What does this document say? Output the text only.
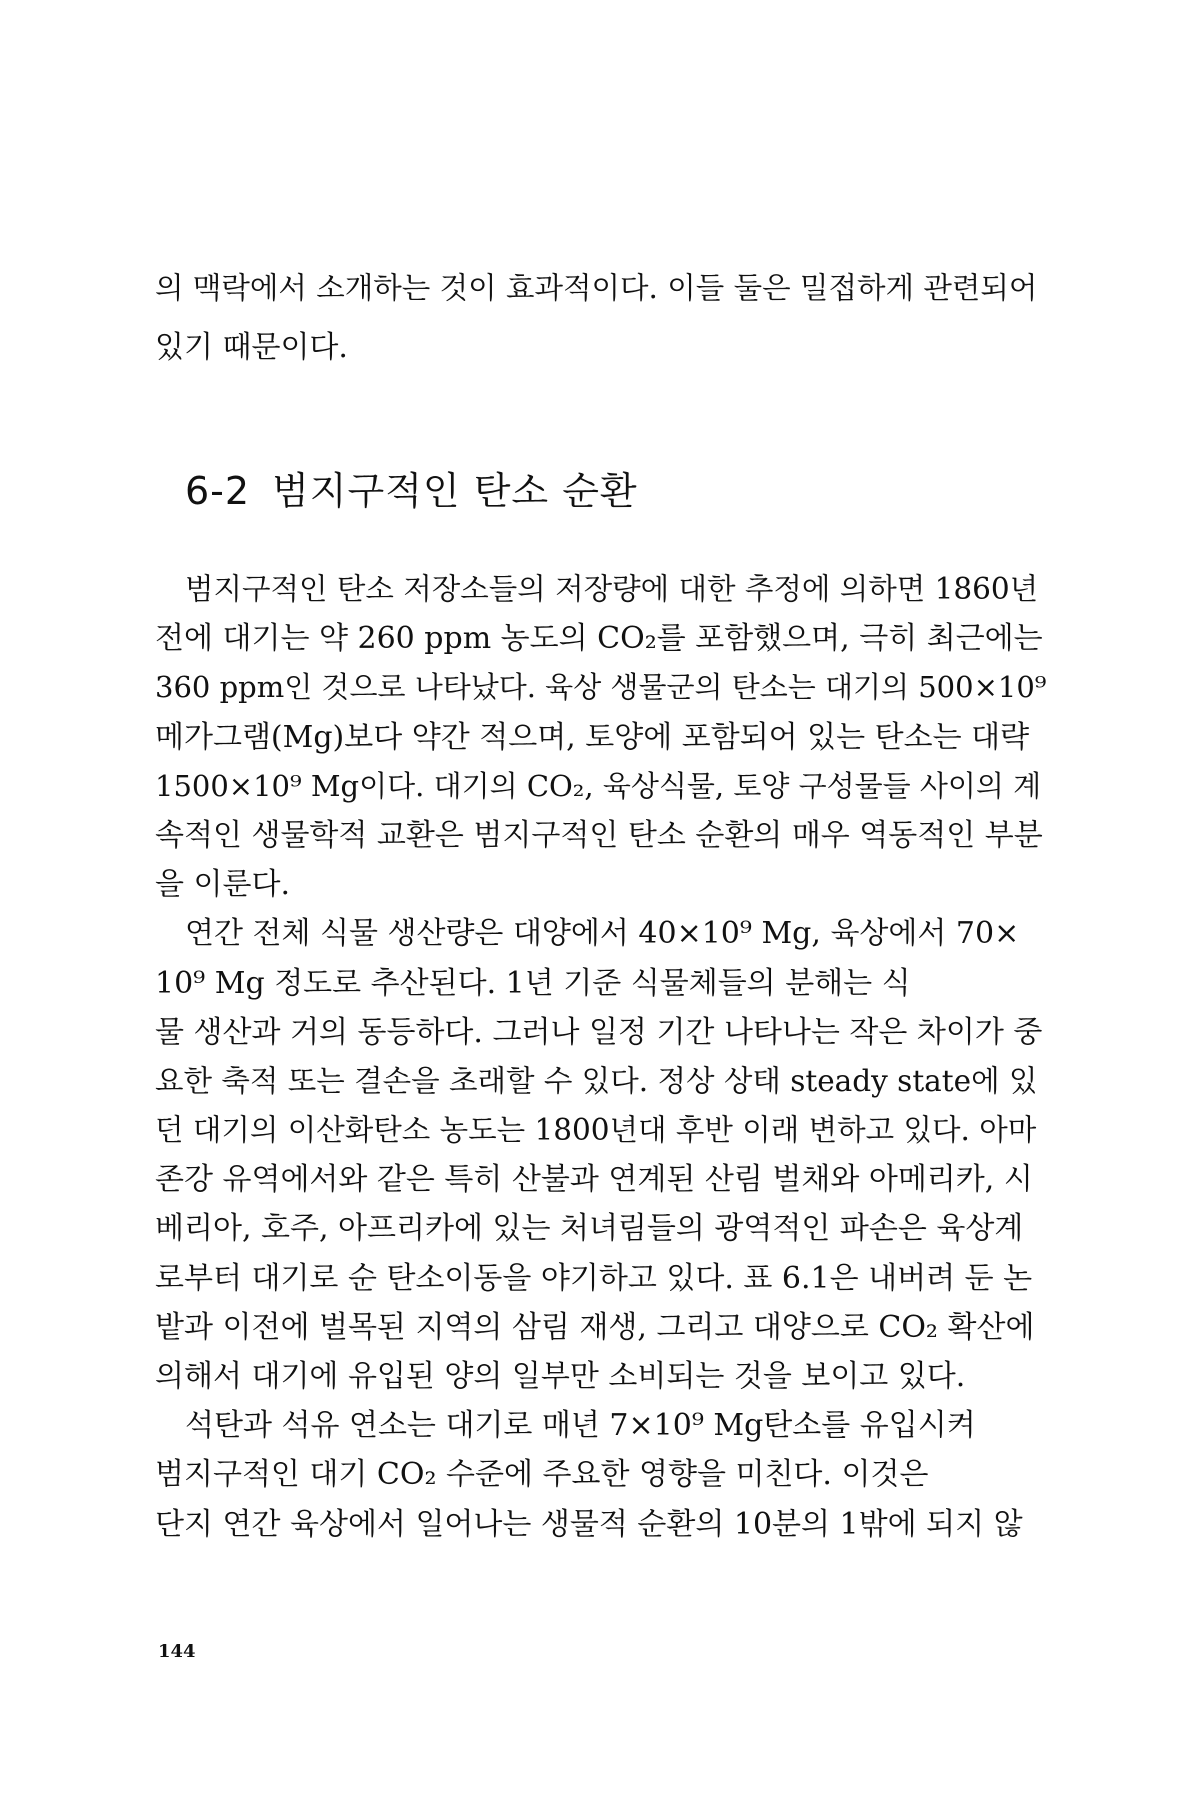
의 맥락에서 소개하는 것이 효과적이다. 이들 둘은 밀접하게 관련되어
있기 때문이다.
6-2 범지구적인 탄소 순환
범지구적인 탄소 저장소들의 저장량에 대한 추정에 의하면 1860년
전에 대기는 약 260 ppm 농도의 CO₂를 포함했으며, 극히 최근에는
360 ppm인 것으로 나타났다. 육상 생물군의 탄소는 대기의 500×10⁹
메가그램(Mg)보다 약간 적으며, 토양에 포함되어 있는 탄소는 대략
1500×10⁹ Mg이다. 대기의 CO₂, 육상식물, 토양 구성물들 사이의 계
속적인 생물학적 교환은 범지구적인 탄소 순환의 매우 역동적인 부분
을 이룬다.
연간 전체 식물 생산량은 대양에서 40×10⁹ Mg, 육상에서 70×
10⁹ Mg 정도로 추산된다. 1년 기준 식물체들의 분해는 식
물 생산과 거의 동등하다. 그러나 일정 기간 나타나는 작은 차이가 중
요한 축적 또는 결손을 초래할 수 있다. 정상 상태 steady state에 있
던 대기의 이산화탄소 농도는 1800년대 후반 이래 변하고 있다. 아마
존강 유역에서와 같은 특히 산불과 연계된 산림 벌채와 아메리카, 시
베리아, 호주, 아프리카에 있는 처녀림들의 광역적인 파손은 육상계
로부터 대기로 순 탄소이동을 야기하고 있다. 표 6.1은 내버려 둔 논
밭과 이전에 벌목된 지역의 삼림 재생, 그리고 대양으로 CO₂ 확산에
의해서 대기에 유입된 양의 일부만 소비되는 것을 보이고 있다.
석탄과 석유 연소는 대기로 매년 7×10⁹ Mg탄소를 유입시켜
범지구적인 대기 CO₂ 수준에 주요한 영향을 미친다. 이것은
단지 연간 육상에서 일어나는 생물적 순환의 10분의 1밖에 되지 않
144
